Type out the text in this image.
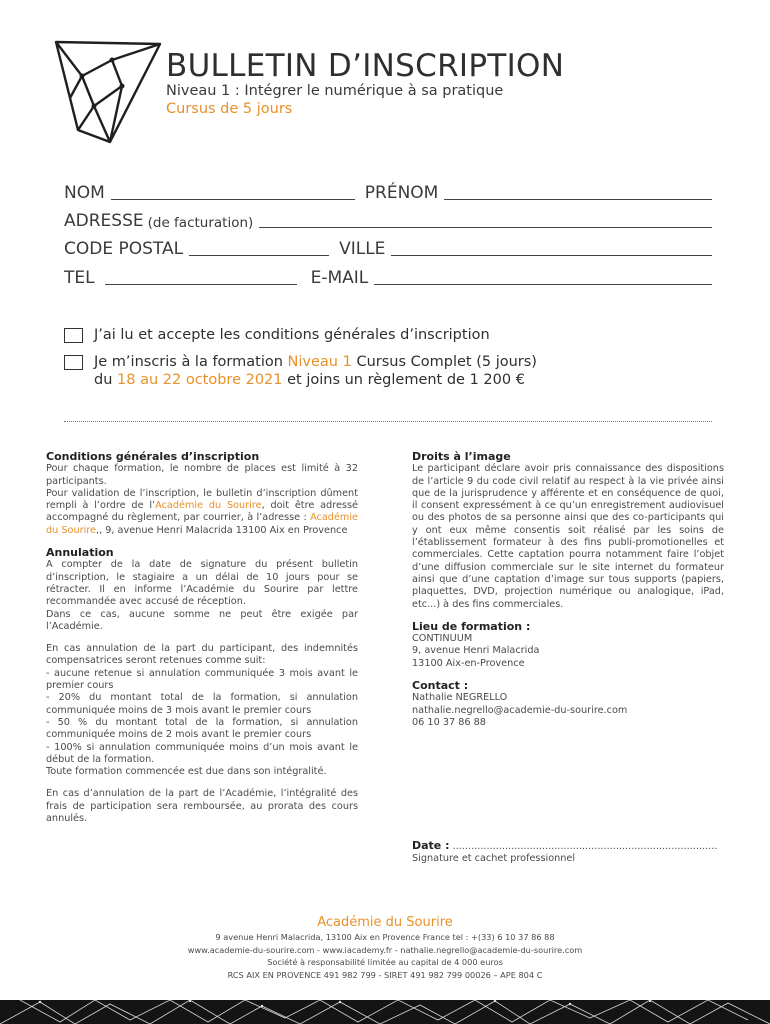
BULLETIN D’INSCRIPTION
Niveau 1 : Intégrer le numérique à sa pratique
Cursus de 5 jours
NOM	PRÉNOM
ADRESSE (de facturation)
CODE POSTAL	VILLE
TEL	E-MAIL
J’ai lu et accepte les conditions générales d’inscription
Je m’inscris à la formation Niveau 1 Cursus Complet (5 jours)
du 18 au 22 octobre 2021 et joins un règlement de 1 200 €
Conditions générales d’inscription

Pour chaque formation, le nombre de places est limité à 32 participants.

Pour validation de l’inscription, le bulletin d’inscription dûment rempli à l’ordre de l’Académie du Sourire, doit être adressé accompagné du règlement, par courrier, à l’adresse : Académie du Sourire,, 9, avenue Henri Malacrida 13100 Aix en Provence

Annulation

A compter de la date de signature du présent bulletin d’inscription, le stagiaire a un délai de 10 jours pour se rétracter. Il en informe l’Académie du Sourire par lettre recommandée avec accusé de réception.

Dans ce cas, aucune somme ne peut être exigée par l’Académie.

En cas annulation de la part du participant, des indemnités compensatrices seront retenues comme suit:

- aucune retenue si annulation communiquée 3 mois avant le premier cours

- 20% du montant total de la formation, si annulation communiquée moins de 3 mois avant le premier cours

- 50 % du montant total de la formation, si annulation communiquée moins de 2 mois avant le premier cours

- 100% si annulation communiquée moins d’un mois avant le début de la formation.

Toute formation commencée est due dans son intégralité.

En cas d’annulation de la part de l’Académie, l’intégralité des frais de participation sera remboursée, au prorata des cours annulés.

Droits à l’image

Le participant déclare avoir pris connaissance des dispositions de l’article 9 du code civil relatif au respect à la vie privée ainsi que de la jurisprudence y afférente et en conséquence de quoi, il consent expressément à ce qu’un enregistrement audiovisuel ou des photos de sa personne ainsi que des co-participants qui y ont eux même consentis soit réalisé par les soins de l’établissement formateur à des fins publi-promotionelles et commerciales. Cette captation pourra notamment faire l’objet d’une diffusion commerciale sur le site internet du formateur ainsi que d’une captation d’image sur tous supports (papiers, plaquettes, DVD, projection numérique ou analogique, iPad, etc...) à des fins commerciales.

Lieu de formation :

CONTINUUM

9, avenue Henri Malacrida

13100 Aix-en-Provence

Contact :

Nathalie NEGRELLO

nathalie.negrello@academie-du-sourire.com

06 10 37 86 88

Date : ......................................................................................
Signature et cachet professionnel
Académie du Sourire
9 avenue Henri Malacrida, 13100 Aix en Provence France tel : +(33) 6 10 37 86 88
www.academie-du-sourire.com - www.iacademy.fr - nathalie.negrello@academie-du-sourire.com
Société à responsabilité limitée au capital de 4 000 euros
RCS AIX EN PROVENCE 491 982 799 - SIRET 491 982 799 00026 – APE 804 C
